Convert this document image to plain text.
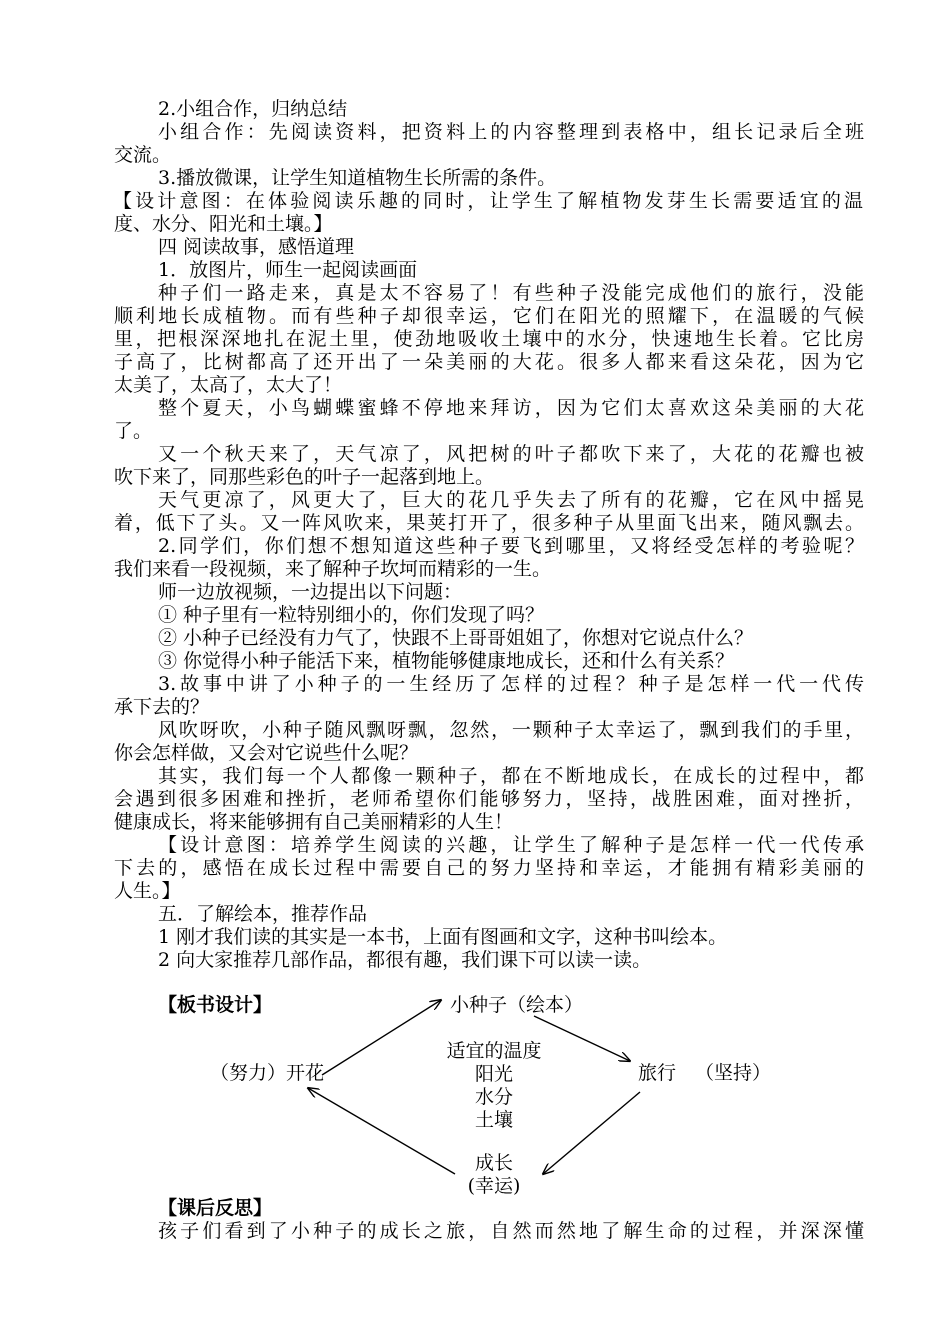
2.小组合作，归纳总结
小组合作：先阅读资料，把资料上的内容整理到表格中，组长记录后全班
交流。
3.播放微课，让学生知道植物生长所需的条件。
【设计意图：在体验阅读乐趣的同时，让学生了解植物发芽生长需要适宜的温
度、水分、阳光和土壤。】
四 阅读故事，感悟道理
1．放图片，师生一起阅读画面
种子们一路走来，真是太不容易了！有些种子没能完成他们的旅行，没能
顺利地长成植物。而有些种子却很幸运，它们在阳光的照耀下，在温暖的气候
里，把根深深地扎在泥土里，使劲地吸收土壤中的水分，快速地生长着。它比房
子高了，比树都高了还开出了一朵美丽的大花。很多人都来看这朵花，因为它
太美了，太高了，太大了！
整个夏天，小鸟蝴蝶蜜蜂不停地来拜访，因为它们太喜欢这朵美丽的大花
了。
又一个秋天来了，天气凉了，风把树的叶子都吹下来了，大花的花瓣也被
吹下来了，同那些彩色的叶子一起落到地上。
天气更凉了，风更大了，巨大的花几乎失去了所有的花瓣，它在风中摇晃
着，低下了头。又一阵风吹来，果荚打开了，很多种子从里面飞出来，随风飘去。
2.同学们，你们想不想知道这些种子要飞到哪里，又将经受怎样的考验呢？
我们来看一段视频，来了解种子坎坷而精彩的一生。
师一边放视频，一边提出以下问题：
① 种子里有一粒特别细小的，你们发现了吗？
② 小种子已经没有力气了，快跟不上哥哥姐姐了，你想对它说点什么？
③ 你觉得小种子能活下来，植物能够健康地成长，还和什么有关系？
3.故事中讲了小种子的一生经历了怎样的过程？种子是怎样一代一代传
承下去的？
风吹呀吹，小种子随风飘呀飘，忽然，一颗种子太幸运了，飘到我们的手里，
你会怎样做，又会对它说些什么呢？
其实，我们每一个人都像一颗种子，都在不断地成长，在成长的过程中，都
会遇到很多困难和挫折，老师希望你们能够努力，坚持，战胜困难，面对挫折，
健康成长，将来能够拥有自己美丽精彩的人生！
【设计意图：培养学生阅读的兴趣，让学生了解种子是怎样一代一代传承
下去的，感悟在成长过程中需要自己的努力坚持和幸运，才能拥有精彩美丽的
人生。】
五．了解绘本，推荐作品
1 刚才我们读的其实是一本书，上面有图画和文字，这种书叫绘本。
2 向大家推荐几部作品，都很有趣，我们课下可以读一读。
【板书设计】	小种子（绘本）
（努力）开花	旅行 （坚持）
适宜的温度
阳光
水分
土壤
成长
(幸运)
【课后反思】
孩子们看到了小种子的成长之旅，自然而然地了解生命的过程，并深深懂
